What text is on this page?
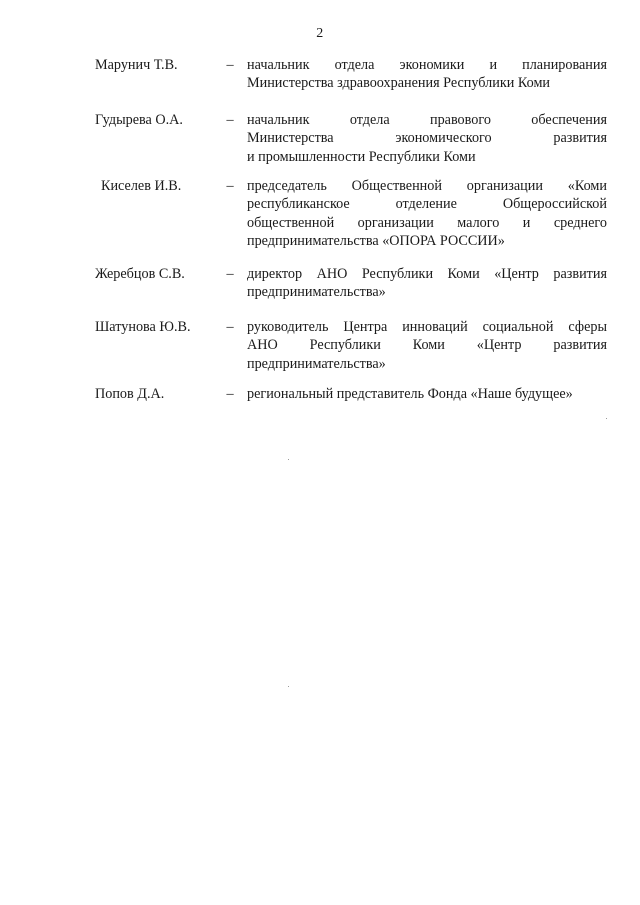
2
Марунич Т.В.	– начальник отдела экономики и планирования
Министерства здравоохранения Республики Коми
Гудырева О.А.	– начальник отдела правового обеспечения
Министерства экономического развития
и промышленности Республики Коми
Киселев И.В.	– председатель Общественной организации «Коми
республиканское отделение Общероссийской
общественной организации малого и среднего
предпринимательства «ОПОРА РОССИИ»
Жеребцов С.В.	– директор АНО Республики Коми «Центр развития
предпринимательства»
Шатунова Ю.В.	– руководитель Центра инноваций социальной сферы
АНО Республики Коми «Центр развития
предпринимательства»
Попов Д.А.	– региональный представитель Фонда «Наше будущее»
